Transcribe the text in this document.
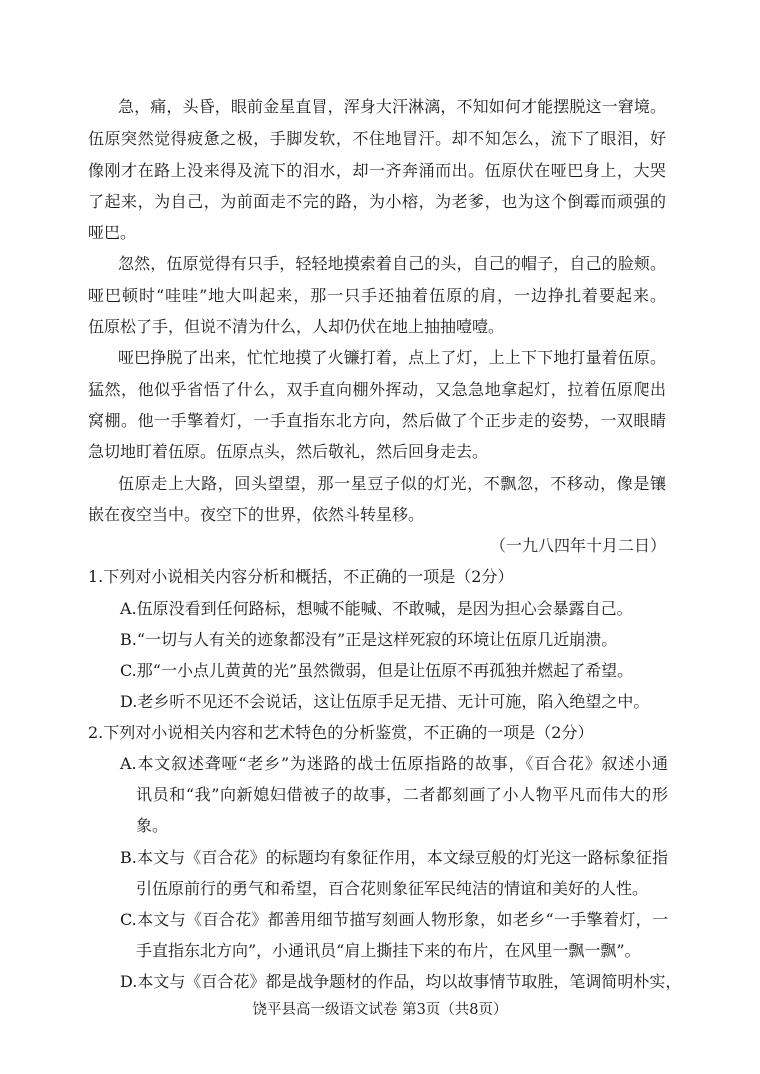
急，痛，头昏，眼前金星直冒，浑身大汗淋漓，不知如何才能摆脱这一窘境。
伍原突然觉得疲惫之极，手脚发软，不住地冒汗。却不知怎么，流下了眼泪，好
像刚才在路上没来得及流下的泪水，却一齐奔涌而出。伍原伏在哑巴身上，大哭
了起来，为自己，为前面走不完的路，为小榕，为老爹，也为这个倒霉而顽强的
哑巴。
忽然，伍原觉得有只手，轻轻地摸索着自己的头，自己的帽子，自己的脸颊。
哑巴顿时“哇哇”地大叫起来，那一只手还抽着伍原的肩，一边挣扎着要起来。
伍原松了手，但说不清为什么，人却仍伏在地上抽抽噎噎。
哑巴挣脱了出来，忙忙地摸了火镰打着，点上了灯，上上下下地打量着伍原。
猛然，他似乎省悟了什么，双手直向棚外挥动，又急急地拿起灯，拉着伍原爬出
窝棚。他一手擎着灯，一手直指东北方向，然后做了个正步走的姿势，一双眼睛
急切地盯着伍原。伍原点头，然后敬礼，然后回身走去。
伍原走上大路，回头望望，那一星豆子似的灯光，不飘忽，不移动，像是镶
嵌在夜空当中。夜空下的世界，依然斗转星移。
（一九八四年十月二日）
1.下列对小说相关内容分析和概括，不正确的一项是（2分）
A.伍原没看到任何路标，想喊不能喊、不敢喊，是因为担心会暴露自己。
B.“一切与人有关的迹象都没有”正是这样死寂的环境让伍原几近崩溃。
C.那“一小点儿黄黄的光”虽然微弱，但是让伍原不再孤独并燃起了希望。
D.老乡听不见还不会说话，这让伍原手足无措、无计可施，陷入绝望之中。
2.下列对小说相关内容和艺术特色的分析鉴赏，不正确的一项是（2分）
A.本文叙述聋哑“老乡”为迷路的战士伍原指路的故事，《百合花》叙述小通
讯员和“我”向新媳妇借被子的故事，二者都刻画了小人物平凡而伟大的形
象。
B.本文与《百合花》的标题均有象征作用，本文绿豆般的灯光这一路标象征指
引伍原前行的勇气和希望，百合花则象征军民纯洁的情谊和美好的人性。
C.本文与《百合花》都善用细节描写刻画人物形象，如老乡“一手擎着灯，一
手直指东北方向”，小通讯员“肩上撕挂下来的布片，在风里一飘一飘”。
D.本文与《百合花》都是战争题材的作品，均以故事情节取胜，笔调简明朴实，
饶平县高一级语文试卷 第3页（共8页）
